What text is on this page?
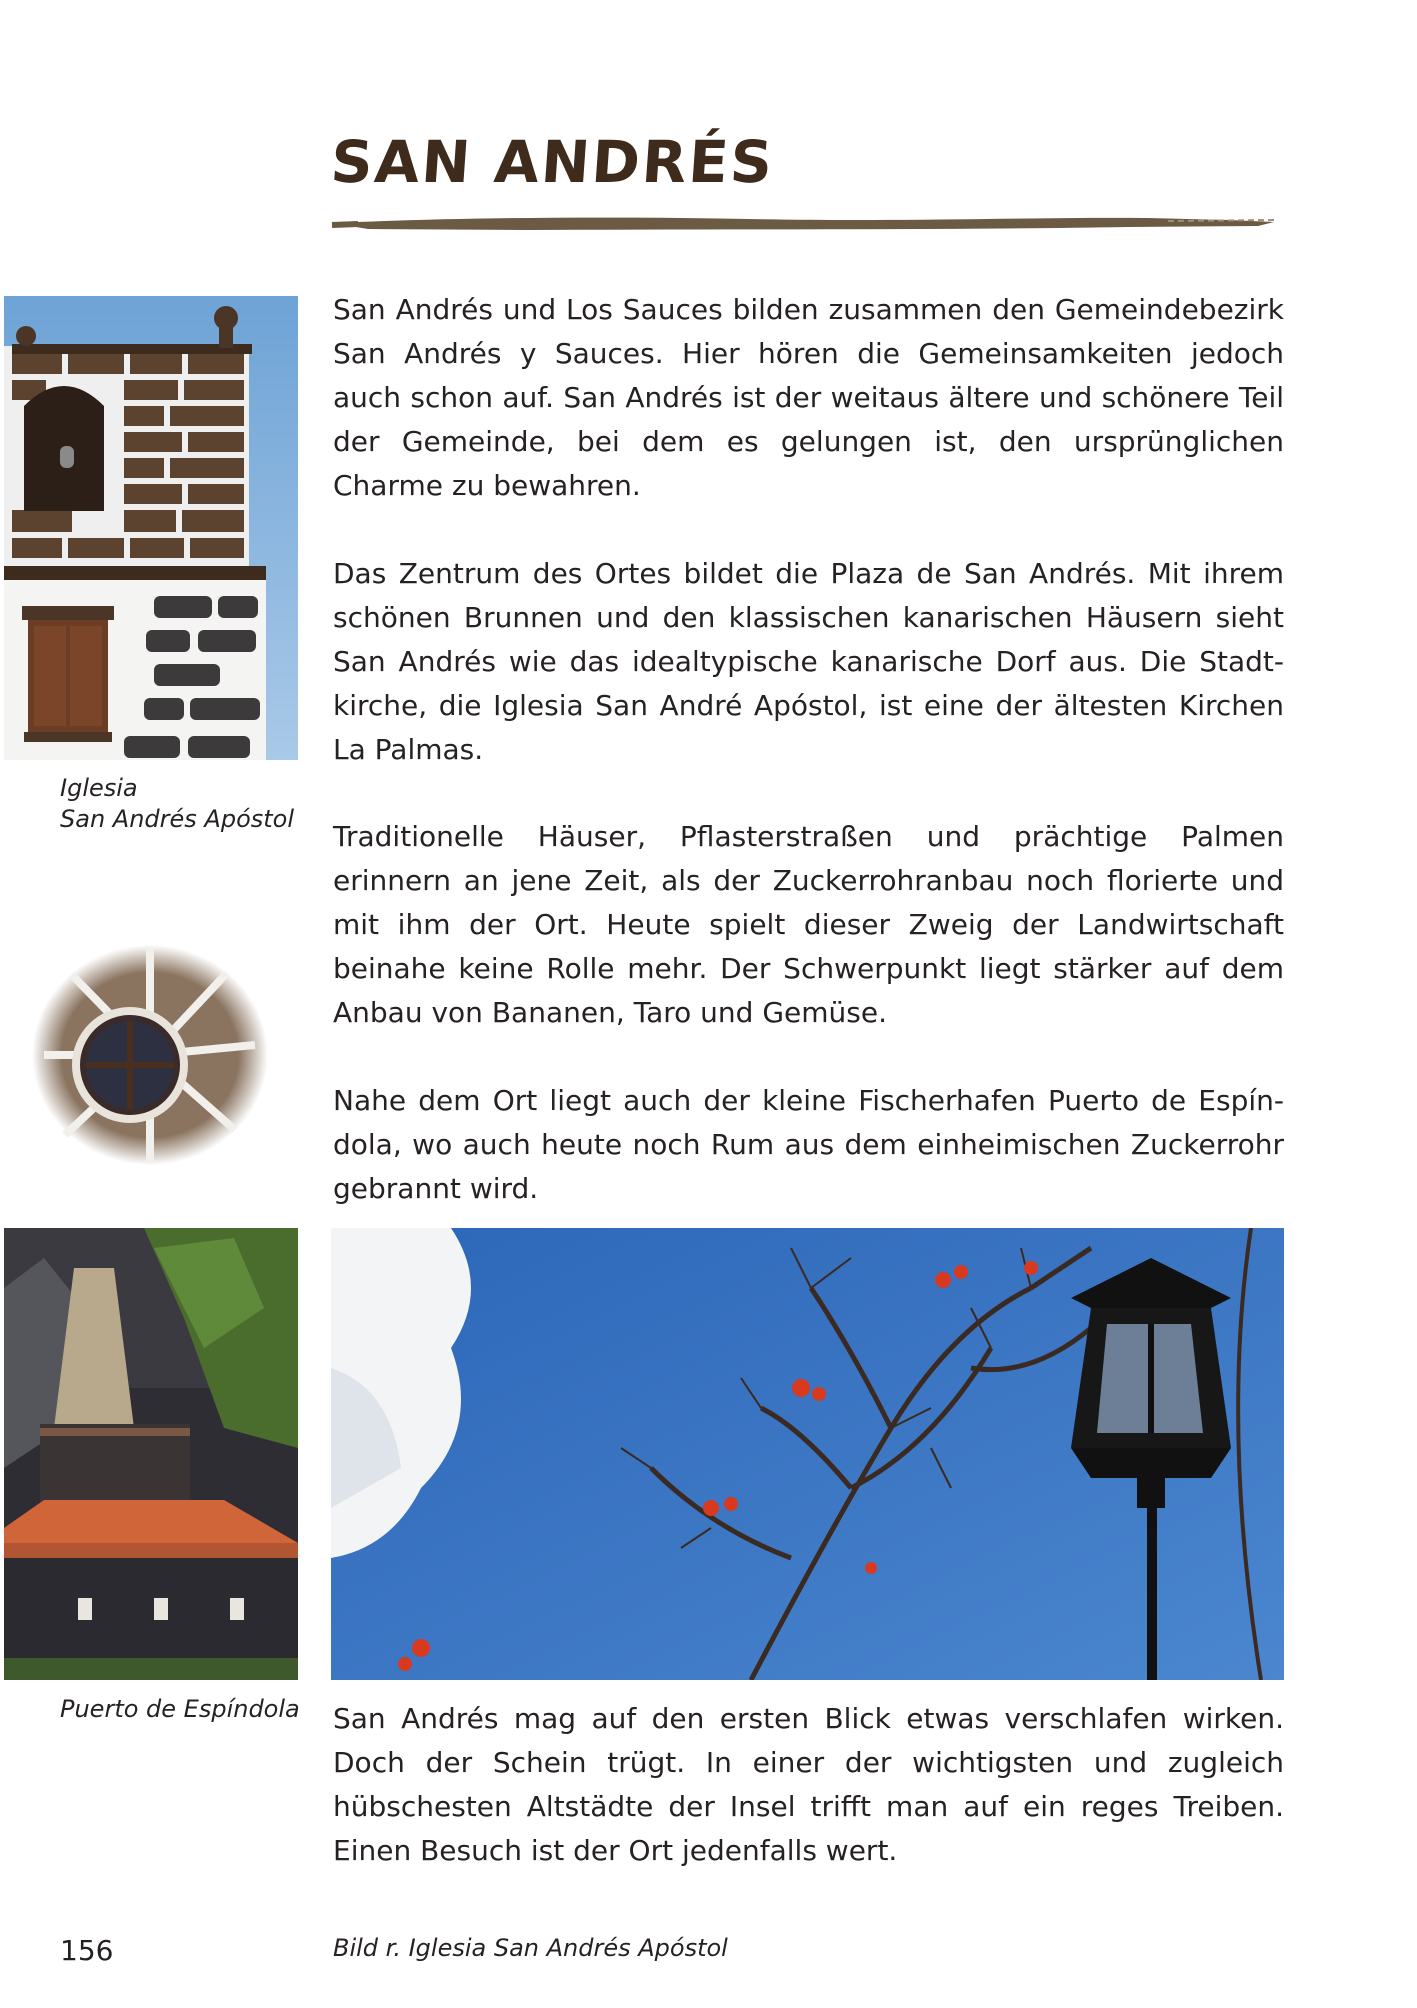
SAN ANDRÉS
Iglesia
San Andrés Apóstol
Puerto de Espíndola
San Andrés und Los Sauces bilden zusammen den Gemeindebezirk San Andrés y Sauces. Hier hören die Gemeinsamkeiten jedoch auch schon auf. San Andrés ist der weitaus ältere und schönere Teil der Gemeinde, bei dem es gelungen ist, den ursprünglichen Charme zu bewahren.
Das Zentrum des Ortes bildet die Plaza de San Andrés. Mit ihrem schönen Brunnen und den klassischen kanarischen Häusern sieht San Andrés wie das idealtypische kanarische Dorf aus. Die Stadt-kirche, die Iglesia San André Apóstol, ist eine der ältesten Kirchen La Palmas.
Traditionelle Häuser, Pflasterstraßen und prächtige Palmen erinnern an jene Zeit, als der Zuckerrohranbau noch florierte und mit ihm der Ort. Heute spielt dieser Zweig der Landwirtschaft beinahe keine Rolle mehr. Der Schwerpunkt liegt stärker auf dem Anbau von Bananen, Taro und Gemüse.
Nahe dem Ort liegt auch der kleine Fischerhafen Puerto de Espín-dola, wo auch heute noch Rum aus dem einheimischen Zuckerrohr gebrannt wird.
San Andrés mag auf den ersten Blick etwas verschlafen wirken. Doch der Schein trügt. In einer der wichtigsten und zugleich hübschesten Altstädte der Insel trifft man auf ein reges Treiben. Einen Besuch ist der Ort jedenfalls wert.
156	Bild r. Iglesia San Andrés Apóstol
